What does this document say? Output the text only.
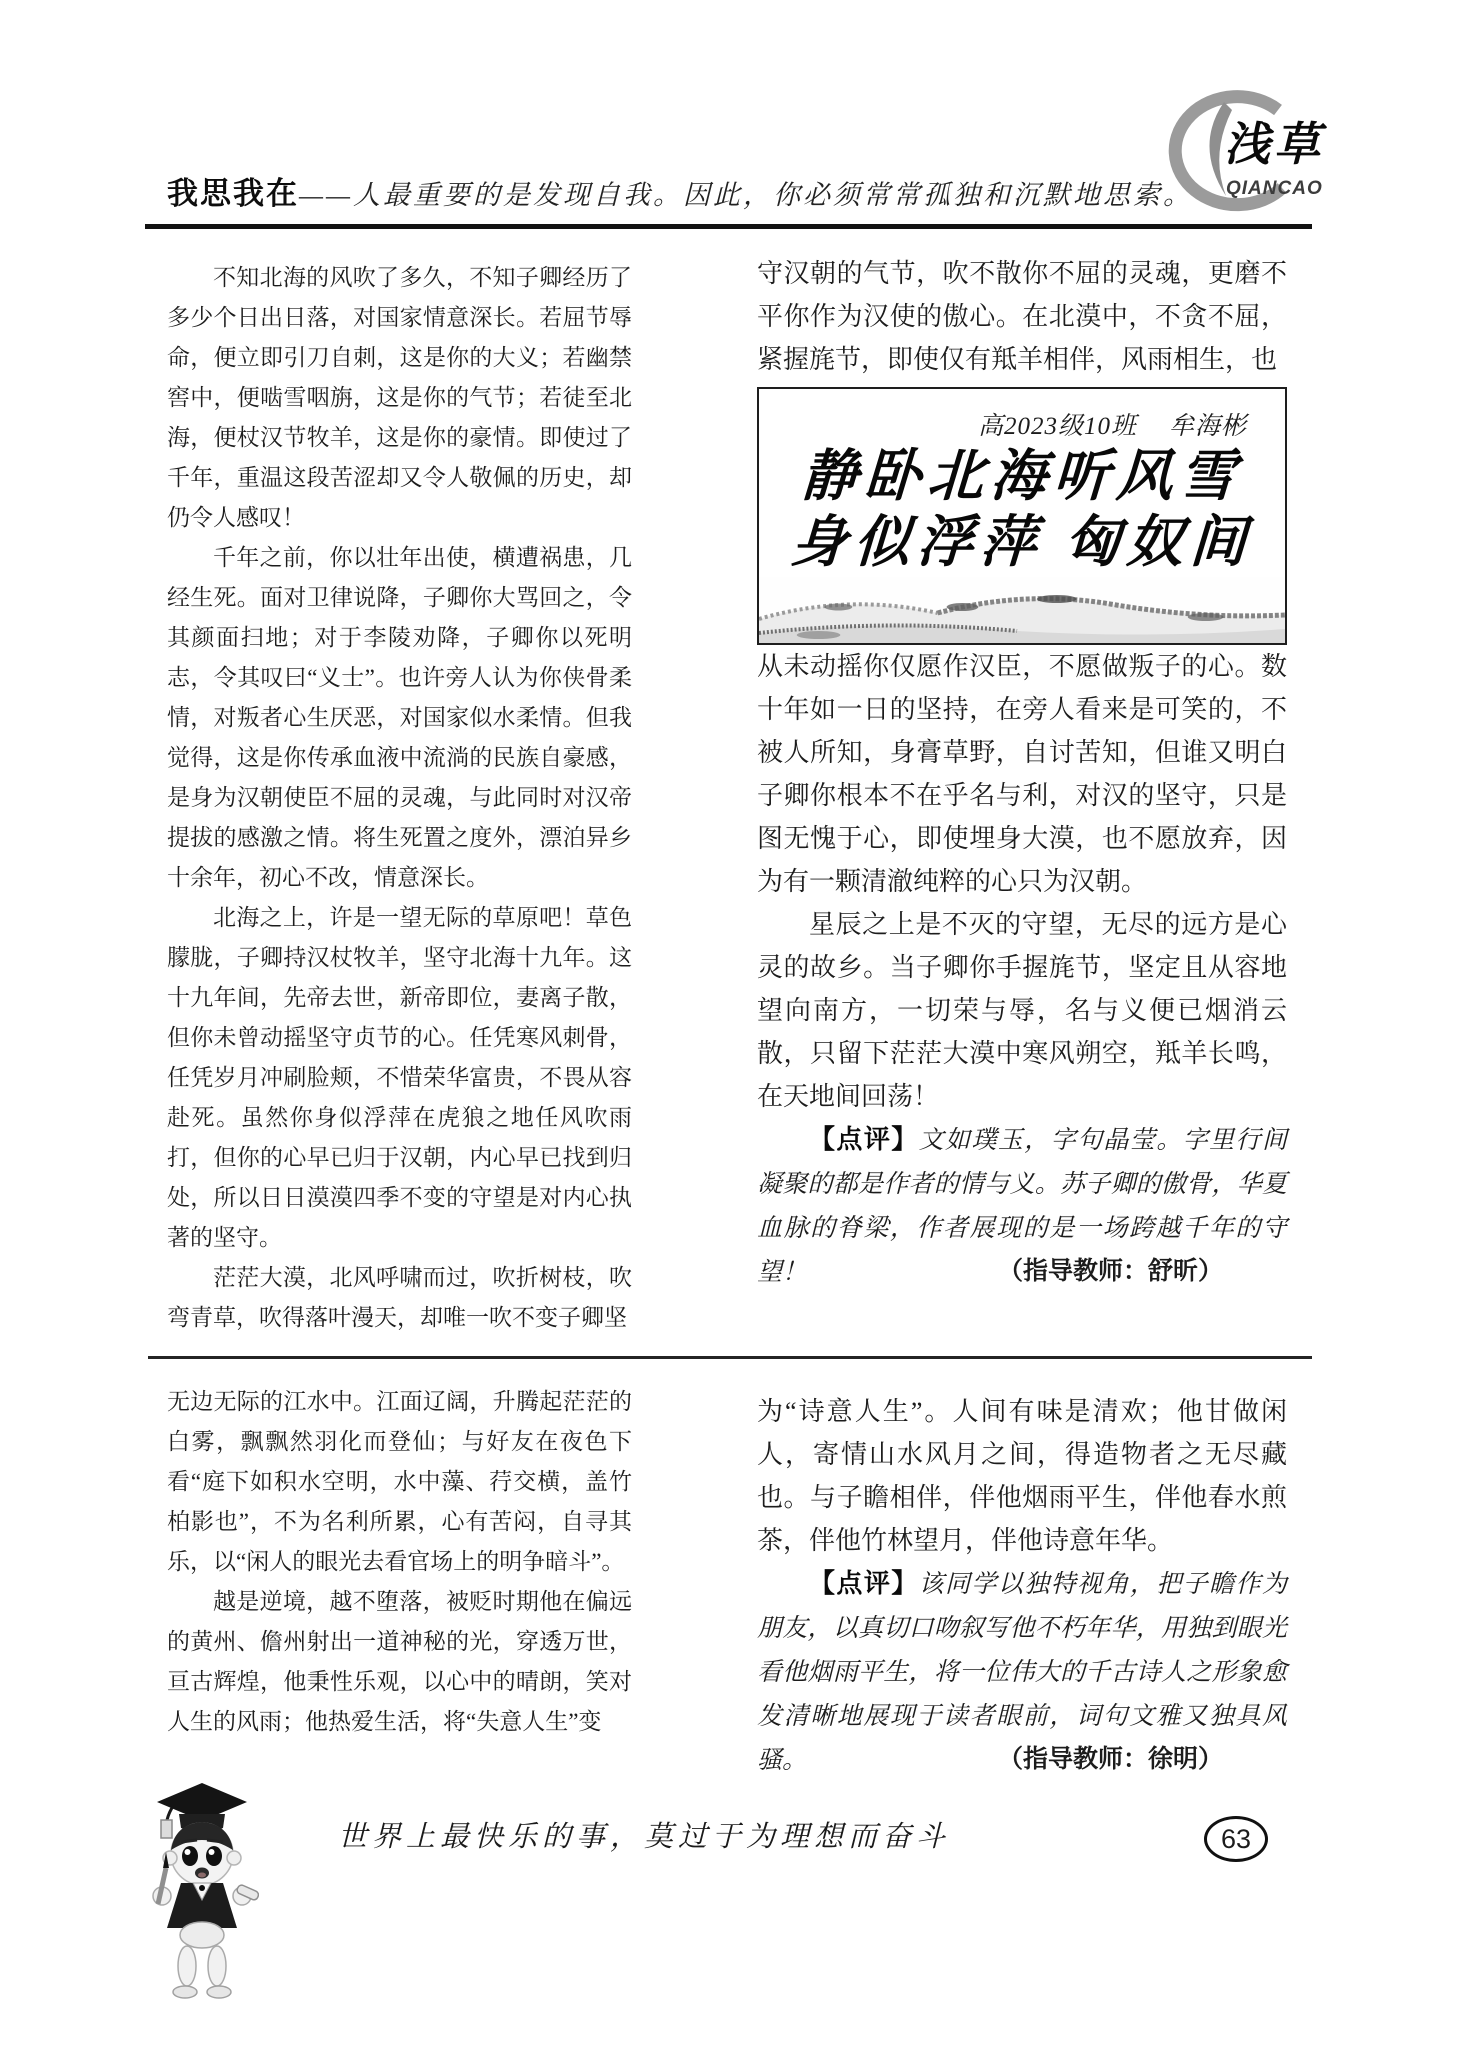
我思我在——人最重要的是发现自我。因此，你必须常常孤独和沉默地思索。
浅草
QIANCAO

不知北海的风吹了多久，不知子卿经历了多少个日出日落，对国家情意深长。若屈节辱命，便立即引刀自刺，这是你的大义；若幽禁窖中，便啮雪咽旃，这是你的气节；若徒至北海，便杖汉节牧羊，这是你的豪情。即使过了千年，重温这段苦涩却又令人敬佩的历史，却仍令人感叹！

千年之前，你以壮年出使，横遭祸患，几经生死。面对卫律说降，子卿你大骂回之，令其颜面扫地；对于李陵劝降，子卿你以死明志，令其叹曰“义士”。也许旁人认为你侠骨柔情，对叛者心生厌恶，对国家似水柔情。但我觉得，这是你传承血液中流淌的民族自豪感，是身为汉朝使臣不屈的灵魂，与此同时对汉帝提拔的感激之情。将生死置之度外，漂泊异乡十余年，初心不改，情意深长。

北海之上，许是一望无际的草原吧！草色朦胧，子卿持汉杖牧羊，坚守北海十九年。这十九年间，先帝去世，新帝即位，妻离子散，但你未曾动摇坚守贞节的心。任凭寒风刺骨，任凭岁月冲刷脸颊，不惜荣华富贵，不畏从容赴死。虽然你身似浮萍在虎狼之地任风吹雨打，但你的心早已归于汉朝，内心早已找到归处，所以日日漠漠四季不变的守望是对内心执著的坚守。

茫茫大漠，北风呼啸而过，吹折树枝，吹弯青草，吹得落叶漫天，却唯一吹不变子卿坚

守汉朝的气节，吹不散你不屈的灵魂，更磨不平你作为汉使的傲心。在北漠中，不贪不屈，紧握旄节，即使仅有羝羊相伴，风雨相生，也

高2023级10班 牟海彬
静卧北海听风雪
身似浮萍 匈奴间

从未动摇你仅愿作汉臣，不愿做叛子的心。数十年如一日的坚持，在旁人看来是可笑的，不被人所知，身膏草野，自讨苦知，但谁又明白子卿你根本不在乎名与利，对汉的坚守，只是图无愧于心，即使埋身大漠，也不愿放弃，因为有一颗清澈纯粹的心只为汉朝。

星辰之上是不灭的守望，无尽的远方是心灵的故乡。当子卿你手握旄节，坚定且从容地望向南方，一切荣与辱，名与义便已烟消云散，只留下茫茫大漠中寒风朔空，羝羊长鸣，在天地间回荡！

【点评】文如璞玉，字句晶莹。字里行间凝聚的都是作者的情与义。苏子卿的傲骨，华夏血脉的脊梁，作者展现的是一场跨越千年的守望！	（指导教师：舒昕）

无边无际的江水中。江面辽阔，升腾起茫茫的白雾，飘飘然羽化而登仙；与好友在夜色下看“庭下如积水空明，水中藻、荇交横，盖竹柏影也”，不为名利所累，心有苦闷，自寻其乐，以“闲人的眼光去看官场上的明争暗斗”。

越是逆境，越不堕落，被贬时期他在偏远的黄州、儋州射出一道神秘的光，穿透万世，亘古辉煌，他秉性乐观，以心中的晴朗，笑对人生的风雨；他热爱生活，将“失意人生”变

为“诗意人生”。人间有味是清欢；他甘做闲人，寄情山水风月之间，得造物者之无尽藏也。与子瞻相伴，伴他烟雨平生，伴他春水煎茶，伴他竹林望月，伴他诗意年华。

【点评】该同学以独特视角，把子瞻作为朋友，以真切口吻叙写他不朽年华，用独到眼光看他烟雨平生，将一位伟大的千古诗人之形象愈发清晰地展现于读者眼前，词句文雅又独具风骚。	（指导教师：徐明）

世界上最快乐的事，莫过于为理想而奋斗	63
